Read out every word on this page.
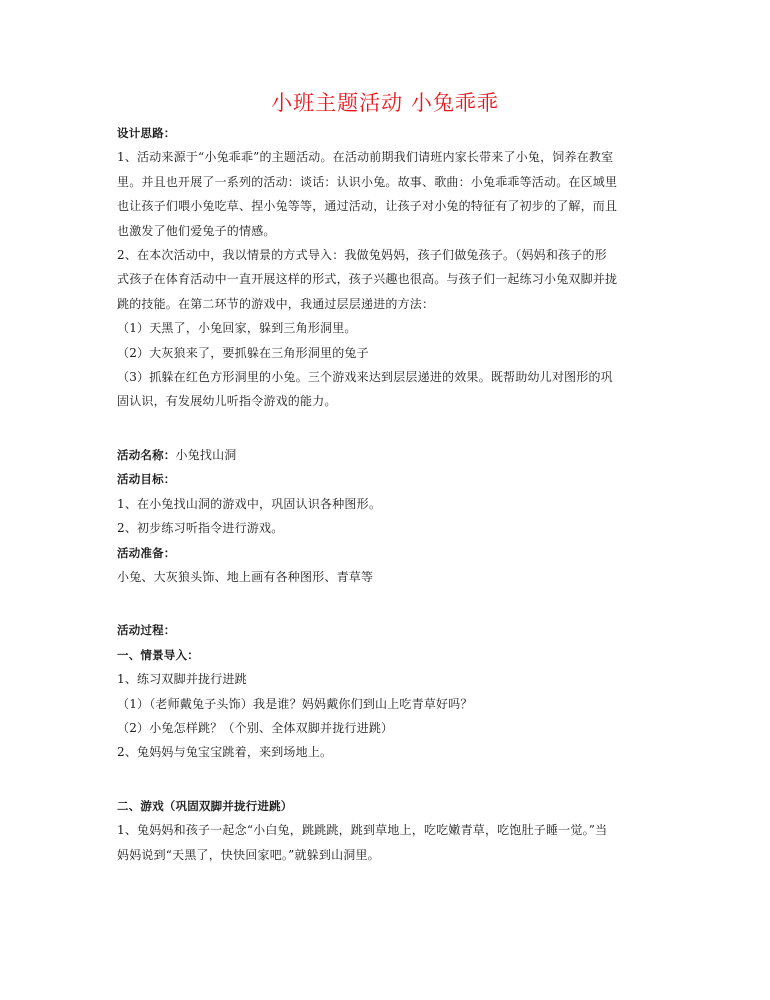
小班主题活动 小兔乖乖
设计思路：
1、活动来源于“小兔乖乖”的主题活动。在活动前期我们请班内家长带来了小兔，饲养在教室
里。并且也开展了一系列的活动：谈话：认识小兔。故事、歌曲：小兔乖乖等活动。在区域里
也让孩子们喂小兔吃草、捏小兔等等，通过活动，让孩子对小兔的特征有了初步的了解，而且
也激发了他们爱兔子的情感。
2、在本次活动中，我以情景的方式导入：我做兔妈妈，孩子们做兔孩子。（妈妈和孩子的形
式孩子在体育活动中一直开展这样的形式，孩子兴趣也很高。与孩子们一起练习小兔双脚并拢
跳的技能。在第二环节的游戏中，我通过层层递进的方法：
（1）天黑了，小兔回家，躲到三角形洞里。
（2）大灰狼来了，要抓躲在三角形洞里的兔子
（3）抓躲在红色方形洞里的小兔。三个游戏来达到层层递进的效果。既帮助幼儿对图形的巩
固认识，有发展幼儿听指令游戏的能力。
活动名称：小兔找山洞
活动目标：
1、在小兔找山洞的游戏中，巩固认识各种图形。
2、初步练习听指令进行游戏。
活动准备：
小兔、大灰狼头饰、地上画有各种图形、青草等
活动过程：
一、情景导入：
1、练习双脚并拢行进跳
（1）（老师戴兔子头饰）我是谁？妈妈戴你们到山上吃青草好吗？
（2）小兔怎样跳？（个别、全体双脚并拢行进跳）
2、兔妈妈与兔宝宝跳着，来到场地上。
二、游戏（巩固双脚并拢行进跳）
1、兔妈妈和孩子一起念“小白兔，跳跳跳，跳到草地上，吃吃嫩青草，吃饱肚子睡一觉。”当
妈妈说到“天黑了，快快回家吧。”就躲到山洞里。
